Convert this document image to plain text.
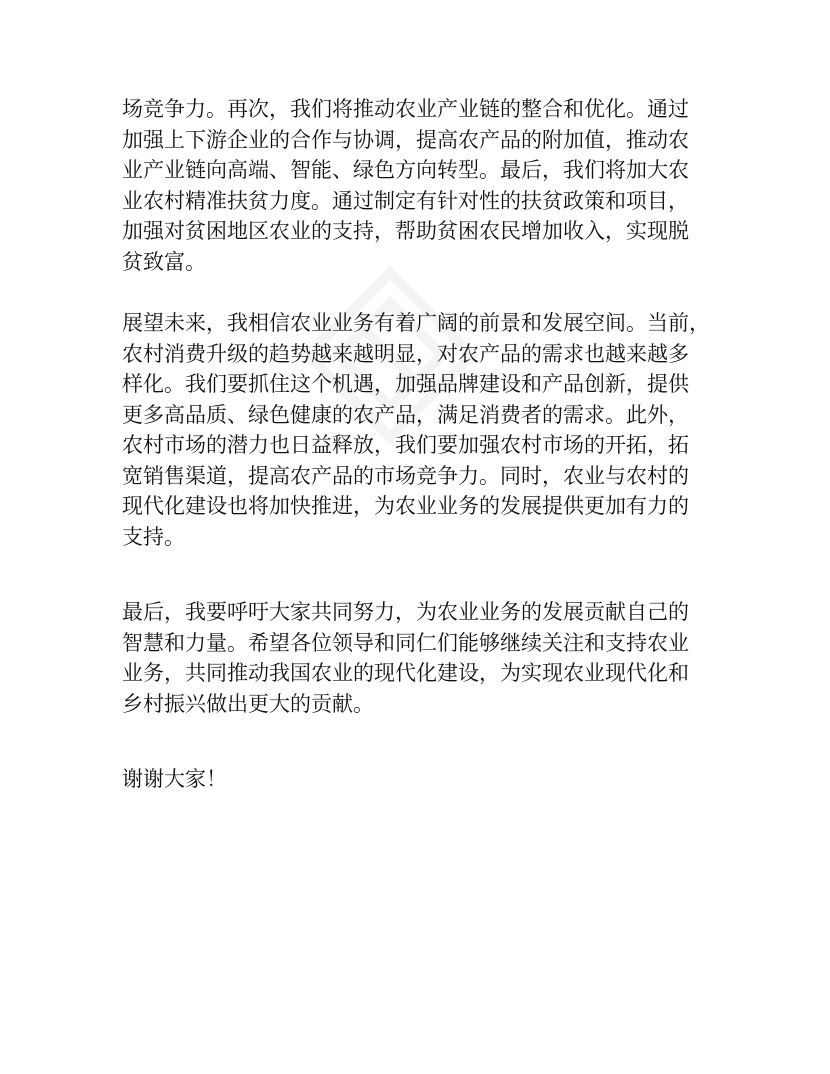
场竞争力。再次，我们将推动农业产业链的整合和优化。通过
加强上下游企业的合作与协调，提高农产品的附加值，推动农
业产业链向高端、智能、绿色方向转型。最后，我们将加大农
业农村精准扶贫力度。通过制定有针对性的扶贫政策和项目，
加强对贫困地区农业的支持，帮助贫困农民增加收入，实现脱
贫致富。
展望未来，我相信农业业务有着广阔的前景和发展空间。当前，
农村消费升级的趋势越来越明显，对农产品的需求也越来越多
样化。我们要抓住这个机遇，加强品牌建设和产品创新，提供
更多高品质、绿色健康的农产品，满足消费者的需求。此外，
农村市场的潜力也日益释放，我们要加强农村市场的开拓，拓
宽销售渠道，提高农产品的市场竞争力。同时，农业与农村的
现代化建设也将加快推进，为农业业务的发展提供更加有力的
支持。
最后，我要呼吁大家共同努力，为农业业务的发展贡献自己的
智慧和力量。希望各位领导和同仁们能够继续关注和支持农业
业务，共同推动我国农业的现代化建设，为实现农业现代化和
乡村振兴做出更大的贡献。
谢谢大家！
